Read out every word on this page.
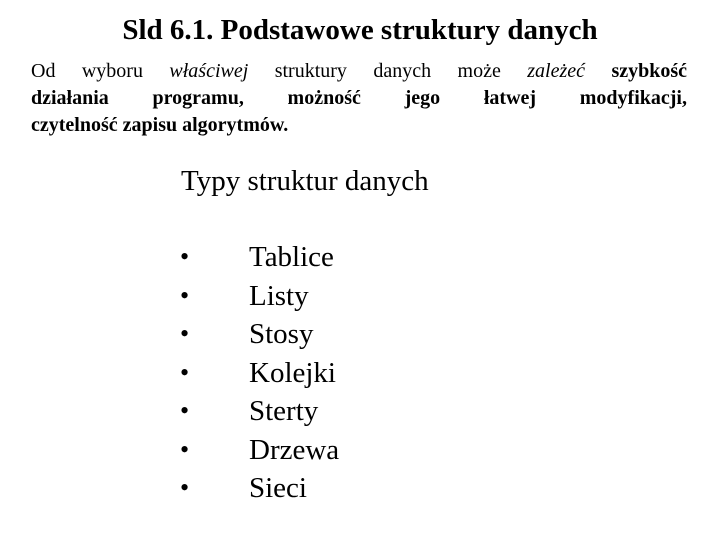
Sld 6.1. Podstawowe struktury danych
Od wyboru właściwej struktury danych może zależeć szybkość
działania programu, możność jego łatwej modyfikacji,
czytelność zapisu algorytmów.
Typy struktur danych
•	Tablice
•	Listy
•	Stosy
•	Kolejki
•	Sterty
•	Drzewa
•	Sieci
